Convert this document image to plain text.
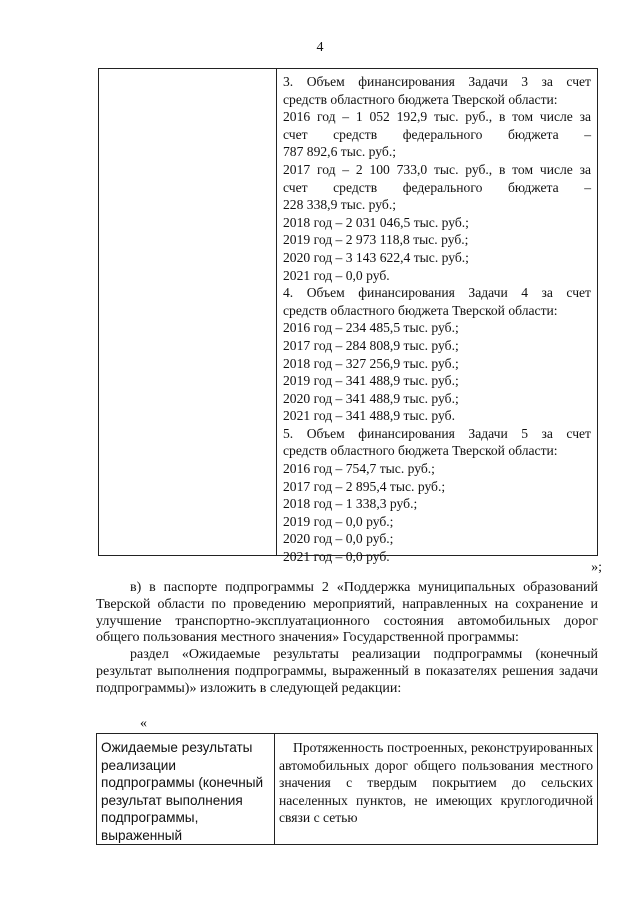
4
3. Объем финансирования Задачи 3 за счет
средств областного бюджета Тверской области:
2016 год – 1 052 192,9 тыс. руб., в том числе за
счет средств федерального бюджета –
787 892,6 тыс. руб.;
2017 год – 2 100 733,0 тыс. руб., в том числе за
счет средств федерального бюджета –
228 338,9 тыс. руб.;
2018 год – 2 031 046,5 тыс. руб.;
2019 год – 2 973 118,8 тыс. руб.;
2020 год – 3 143 622,4 тыс. руб.;
2021 год – 0,0 руб.
4. Объем финансирования Задачи 4 за счет
средств областного бюджета Тверской области:
2016 год – 234 485,5 тыс. руб.;
2017 год – 284 808,9 тыс. руб.;
2018 год – 327 256,9 тыс. руб.;
2019 год – 341 488,9 тыс. руб.;
2020 год – 341 488,9 тыс. руб.;
2021 год – 341 488,9 тыс. руб.
5. Объем финансирования Задачи 5 за счет
средств областного бюджета Тверской области:
2016 год – 754,7 тыс. руб.;
2017 год – 2 895,4 тыс. руб.;
2018 год – 1 338,3 руб.;
2019 год – 0,0 руб.;
2020 год – 0,0 руб.;
2021 год – 0,0 руб.
»;

в) в паспорте подпрограммы 2 «Поддержка муниципальных образований Тверской области по проведению мероприятий, направленных на сохранение и улучшение транспортно-эксплуатационного состояния автомобильных дорог общего пользования местного значения» Государственной программы:

раздел «Ожидаемые результаты реализации подпрограммы (конечный результат выполнения подпрограммы, выраженный в показателях решения задачи подпрограммы)» изложить в следующей редакции:

«
Ожидаемые результаты реализации подпрограммы (конечный результат выполнения подпрограммы, выраженный
Протяженность построенных, реконструированных автомобильных дорог общего пользования местного значения с твердым покрытием до сельских населенных пунктов, не имеющих круглогодичной связи с сетью
